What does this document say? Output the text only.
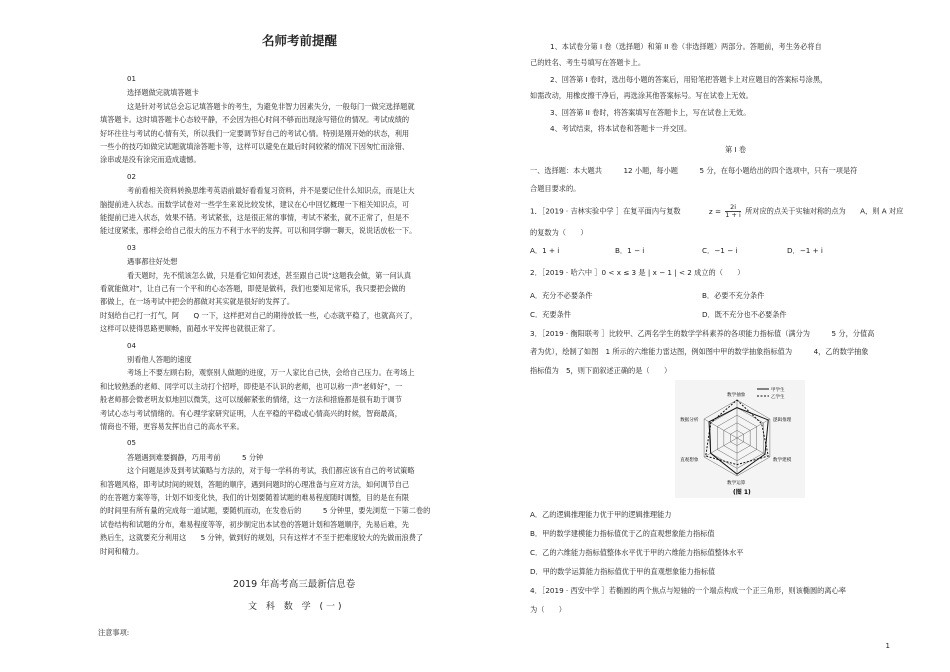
名师考前提醒
01
选择题做完就填答题卡
这是针对考试总会忘记填答题卡的考生，为避免非智力因素失分，一般每门一做完选择题就
填答题卡。这时填答题卡心态较平静，不会因为担心时间不够而出现涂写错位的情况。考试成绩的
好坏往往与考试的心情有关，所以我们一定要调节好自己的考试心情。特别是刚开始的状态，利用
一些小的技巧如做完试题就填涂答题卡等，这样可以避免在最后时间较紧的情况下因匆忙而涂错、
涂串或是没有涂完而造成遗憾。
02
考前看相关资料转换思维考英语前最好看看复习资料，并不是要记住什么知识点，而是让大
脑提前进入状态。而数学试卷对一些学生来说比较发怵，建议在心中回忆概理一下相关知识点，可
能提前已进入状态，效果不错。考试紧张，这是很正常的事情，考试不紧张，就不正常了，但是不
能过度紧张，那样会给自己很大的压力不利于水平的发挥。可以和同学聊一聊天，说说话放松一下。
03
遇事都往好处想
看天题时，先不慌该怎么做，只是看它如何表述，甚至跟自己说“这题我会做，第一问认真
看就能做对”，让自己有一个平和的心态答题，即使是做科，我们也要知足常乐，我只要把会做的
都做上，在一场考试中把会的都做对其实就是很好的发挥了。
时刻给自己打一打气，阿　　Q 一下，这样把对自己的期待放低一些，心态就平稳了，也就高兴了，
这样可以使得思路更顺畅，面超水平发挥也就很正常了。
04
别看他人答题的速度
考场上不要左顾右盼，观察别人做题的进度，万一人家比自己快，会给自己压力。在考场上
和比较熟悉的老师、同学可以主动打个招呼，即使是不认识的老师，也可以称一声“老师好”，一
般老师都会微老明友似地回以微笑，这可以缓解紧张的情绪，这一方法和措施都是很有助于调节
考试心态与考试情绪的。有心理学家研究证明，人在平稳的平稳或心情高兴的时候，智商最高，
情商也不错，更容易发挥出自己的高水平来。
05
答题遇到难要搁静，巧用考前　　　5 分钟
这个问题是涉及到考试策略与方法的，对于每一学科的考试，我们都应该有自己的考试策略
和答题风格，即考试时间的规划，答题的顺序，遇到问题时的心理准备与应对方法，如何调节自己
的在答题方案等等，计划不如变化快，我们的计划要随着试题的难易程度随时调整，目的是在有限
的时间里有所有量的完成每一道试题，要随机而动，在发卷后的　　　5 分钟里，要先浏览一下第二卷的
试卷结构和试题的分布，难易程度等等，初步制定出本试卷的答题计划和答题顺序，先易后难，先
熟后生，这就要充分利用这　　5 分钟，做到好的规划，只有这样才不至于把难度较大的先做而浪费了
时间和精力。
2019 年高考高三最新信息卷
文 科 数 学 (一)
注意事项:
1、本试卷分第 I 卷（选择题）和第 II 卷（非选择题）两部分。答题前，考生务必将自
己的姓名、考生号填写在答题卡上。
2、回答第 I 卷时，选出每小题的答案后，用铅笔把答题卡上对应题目的答案标号涂黑，
如需改动，用橡皮擦干净后，再选涂其他答案标号。写在试卷上无效。
3、回答第 II 卷时，将答案填写在答题卡上，写在试卷上无效。
4、考试结束，将本试卷和答题卡一并交回。
第 I 卷
一、选择题：本大题共　　　12 小题，每小题　　　5 分，在每小题给出的四个选项中，只有一项是符
合题目要求的。
1．［2019 · 吉林实验中学 ］在复平面内与复数	$z = \frac{2i}{1 + i}$ 所对应的点关于实轴对称的点为　　A，则 A 对应
的复数为（　　）
A．1 + i	B．1 − i	C．−1 − i	D．−1 + i
2．［2019 · 哈六中 ］0 < x ≤ 3 是 | x − 1 | < 2 成立的（　　）
A．充分不必要条件	B．必要不充分条件
C．充要条件	D．既不充分也不必要条件
3．［2019 · 衡阳联考 ］比较甲、乙两名学生的数学学科素养的各项能力指标值（满分为　　　5 分，分值高
者为优），绘制了如图　1 所示的六维能力雷达图，例如图中甲的数学抽象指标值为　　　4，乙的数学抽象
指标值为　5，则下面叙述正确的是（　　）
数学抽象
逻辑推理
数学建模
数学运算
直观想象
数据分析
甲学生
乙学生
(图 1)
A．乙的逻辑推理能力优于甲的逻辑推理能力
B．甲的数学建模能力指标值优于乙的直观想象能力指标值
C．乙的六维能力指标值整体水平优于甲的六维能力指标值整体水平
D．甲的数学运算能力指标值优于甲的直观想象能力指标值
4．［2019 · 西安中学 ］若椭圆的两个焦点与短轴的一个端点构成一个正三角形，则该椭圆的离心率
为（　　）
1
